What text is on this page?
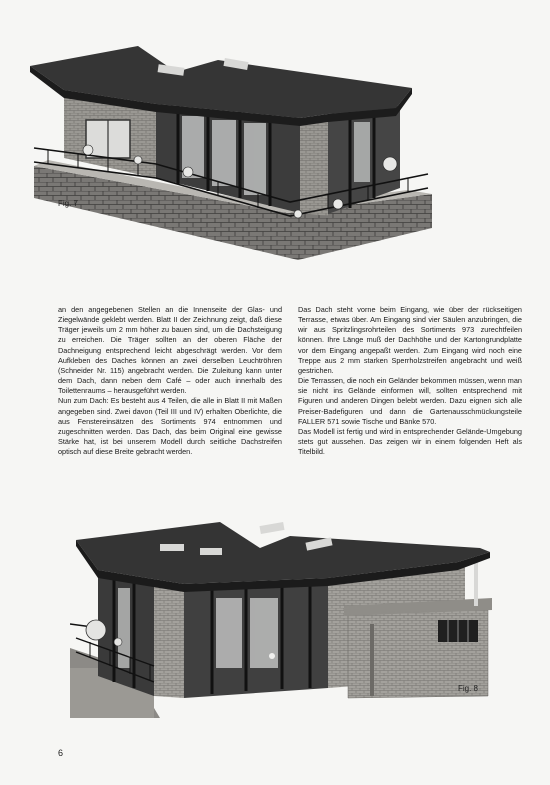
Fig. 7

an den angegebenen Stellen an die Innenseite der Glas- und Ziegelwände geklebt werden. Blatt II der Zeichnung zeigt, daß diese Träger jeweils um 2 mm höher zu bauen sind, um die Dachsteigung zu erreichen. Die Träger sollten an der oberen Fläche der Dachneigung entsprechend leicht abgeschrägt werden. Vor dem Aufkleben des Daches können an zwei derselben Leuchtröhren (Schneider Nr. 115) angebracht werden. Die Zuleitung kann unter dem Dach, dann neben dem Café – oder auch innerhalb des Toilettenraums – herausgeführt werden.

Nun zum Dach: Es besteht aus 4 Teilen, die alle in Blatt II mit Maßen angegeben sind. Zwei davon (Teil III und IV) erhalten Oberlichte, die aus Fenstereinsätzen des Sortiments 974 entnommen und zugeschnitten werden. Das Dach, das beim Original eine gewisse Stärke hat, ist bei unserem Modell durch seitliche Dachstreifen optisch auf diese Breite gebracht werden.

Das Dach steht vorne beim Eingang, wie über der rückseitigen Terrasse, etwas über. Am Eingang sind vier Säulen anzubringen, die wir aus Spritzlingsrohrteilen des Sortiments 973 zurechtfeilen können. Ihre Länge muß der Dachhöhe und der Kartongrundplatte vor dem Eingang angepaßt werden. Zum Eingang wird noch eine Treppe aus 2 mm starken Sperrholzstreifen angebracht und weiß gestrichen.

Die Terrassen, die noch ein Geländer bekommen müssen, wenn man sie nicht ins Gelände einformen will, sollten entsprechend mit Figuren und anderen Dingen belebt werden. Dazu eignen sich alle Preiser-Badefiguren und dann die Gartenausschmückungsteile FALLER 571 sowie Tische und Bänke 570.

Das Modell ist fertig und wird in entsprechender Gelände-Umgebung stets gut aussehen. Das zeigen wir in einem folgenden Heft als Titelbild.

Fig. 8
6
